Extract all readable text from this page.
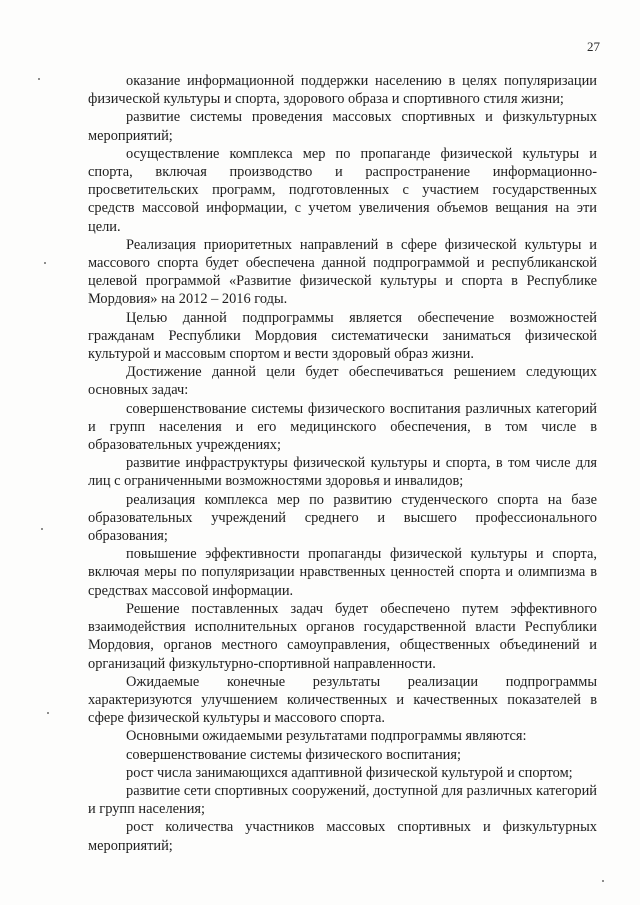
27

оказание информационной поддержки населению в целях популяризации физической культуры и спорта, здорового образа и спортивного стиля жизни;

развитие системы проведения массовых спортивных и физкультурных мероприятий;

осуществление комплекса мер по пропаганде физической культуры и спорта, включая производство и распространение информационно-просветительских программ, подготовленных с участием государственных средств массовой информации, с учетом увеличения объемов вещания на эти цели.

Реализация приоритетных направлений в сфере физической культуры и массового спорта будет обеспечена данной подпрограммой и республиканской целевой программой «Развитие физической культуры и спорта в Республике Мордовия» на 2012 – 2016 годы.

Целью данной подпрограммы является обеспечение возможностей гражданам Республики Мордовия систематически заниматься физической культурой и массовым спортом и вести здоровый образ жизни.

Достижение данной цели будет обеспечиваться решением следующих основных задач:

совершенствование системы физического воспитания различных категорий и групп населения и его медицинского обеспечения, в том числе в образовательных учреждениях;

развитие инфраструктуры физической культуры и спорта, в том числе для лиц с ограниченными возможностями здоровья и инвалидов;

реализация комплекса мер по развитию студенческого спорта на базе образовательных учреждений среднего и высшего профессионального образования;

повышение эффективности пропаганды физической культуры и спорта, включая меры по популяризации нравственных ценностей спорта и олимпизма в средствах массовой информации.

Решение поставленных задач будет обеспечено путем эффективного взаимодействия исполнительных органов государственной власти Республики Мордовия, органов местного самоуправления, общественных объединений и организаций физкультурно-спортивной направленности.

Ожидаемые конечные результаты реализации подпрограммы характеризуются улучшением количественных и качественных показателей в сфере физической культуры и массового спорта.

Основными ожидаемыми результатами подпрограммы являются:

совершенствование системы физического воспитания;

рост числа занимающихся адаптивной физической культурой и спортом;

развитие сети спортивных сооружений, доступной для различных категорий и групп населения;

рост количества участников массовых спортивных и физкультурных мероприятий;
